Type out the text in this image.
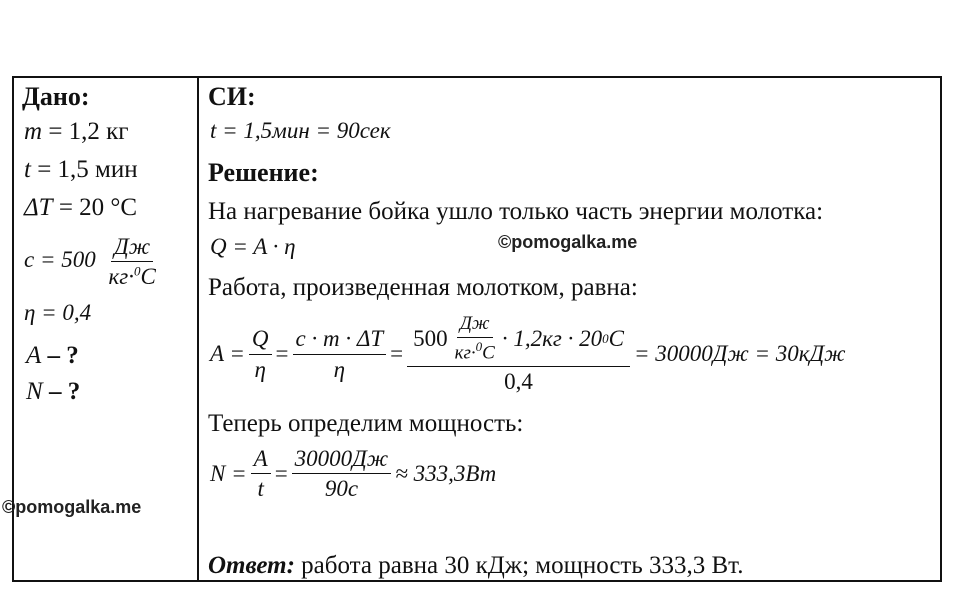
Дано:
m = 1,2 кг
t = 1,5 мин
ΔT = 20 °C
$c = 500 \frac{Дж}{кг\cdot^0C}$
η = 0,4
A – ?
N – ?
СИ:
t = 1,5мин = 90сек
Решение:
На нагревание бойка ушло только часть энергии молотка:
Q = A · η
Работа, произведенная молотком, равна:
$A = \frac{Q}{\eta} = \frac{c \cdot m \cdot \Delta T}{\eta}$ =
$500 \frac{Дж}{кг\cdot^0C} \cdot 1,2кг \cdot 20$ 0 C
0,4
= 30000Дж = 30кДж
Теперь определим мощность:
$N = \frac{A}{t} = \frac{30000Дж}{90с} \approx 333,3Вт$
Ответ: работа равна 30 кДж; мощность 333,3 Вт.
©pomogalka.me
©pomogalka.me
